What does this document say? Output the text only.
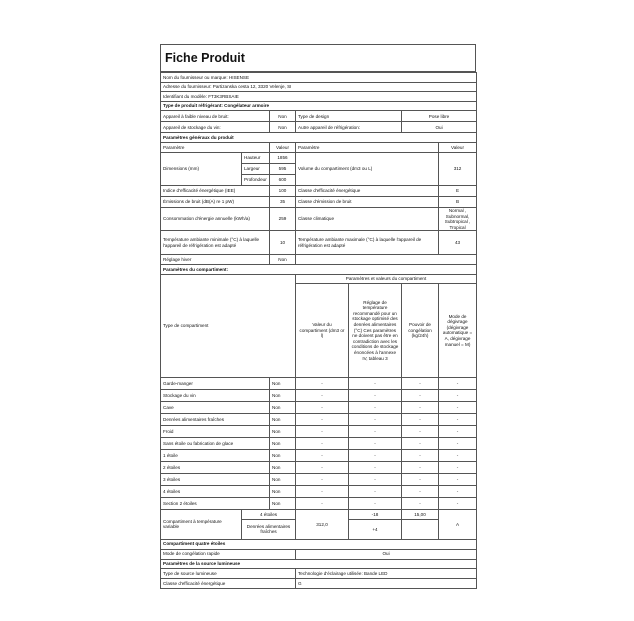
Fiche Produit
Nom du fournisseur ou marque: HISENSE						
Adresse du fournisseur: Partizanska cesta 12, 3320 Velenje, SI						
Identifiant du modèle: FT3K3RBSAIE						
Type de produit réfrigérant: Congélateur armoire						
Appareil à faible niveau de bruit:		Non	Type de design		Pose libre	
Appareil de stockage du vin:		Non	Autre appareil de réfrigération:		Oui	
Paramètres généraux du produit						
Paramètre		Valeur	Paramètre			Valeur
Dimensions (mm)	Hauteur	1856	Volume du compartiment (dm3 ou L)			312
	Largeur	595				
	Profondeur	600				
Indice d'efficacité énergétique (IEE)		100	Classe d'efficacité énergétique			E
Émissions de bruit (dB(A) re 1 pW)		35	Classe d'émission de bruit			B
Consommation d'énergie annuelle (kWh/a)		259	Classe climatique			Normal , Subnormal, Subtropical , Tropical
Température ambiante minimale (°C) à laquelle l'appareil de réfrigération est adapté		10	Température ambiante maximale (°C) à laquelle l'appareil de réfrigération est adapté			43
Réglage hiver		Non				
Paramètres du compartiment:						
Type de compartiment			Paramètres et valeurs du compartiment			
			Valeur du compartiment (dm3 or l)	Réglage de température recommandé pour un stockage optimisé des denrées alimentaires (°C) Ces paramètres ne doivent pas être en contradiction avec les conditions de stockage énoncées à l'annexe IV, tableau 3	Pouvoir de congélation (kg/24h)	Mode de dégivrage (dégivrage automatique = A, dégivrage manuel = M)
Garde-manger		Non	-	-	-	-
Stockage du vin		Non	-	-	-	-
Cave		Non	-	-	-	-
Denrées alimentaires fraîches		Non	-	-	-	-
Froid		Non	-	-	-	-
Sans étoile ou fabrication de glace		Non	-	-	-	-
1 étoile		Non	-	-	-	-
2 étoiles		Non	-	-	-	-
3 étoiles		Non	-	-	-	-
4 étoiles		Non	-	-	-	-
Section 2 étoiles		Non	-	-	-	-
Compartiment à température variable	4 étoiles		312,0	-18	15,00	A
	Denrées alimentaires fraîches			+4		

Compartiment quatre étoiles						
Mode de congélation rapide			Oui			
Paramètres de la source lumineuse						
Type de source lumineuse			Technologie d'éclairage utilisée: Bande LED			
Classe d'efficacité énergétique			G			
